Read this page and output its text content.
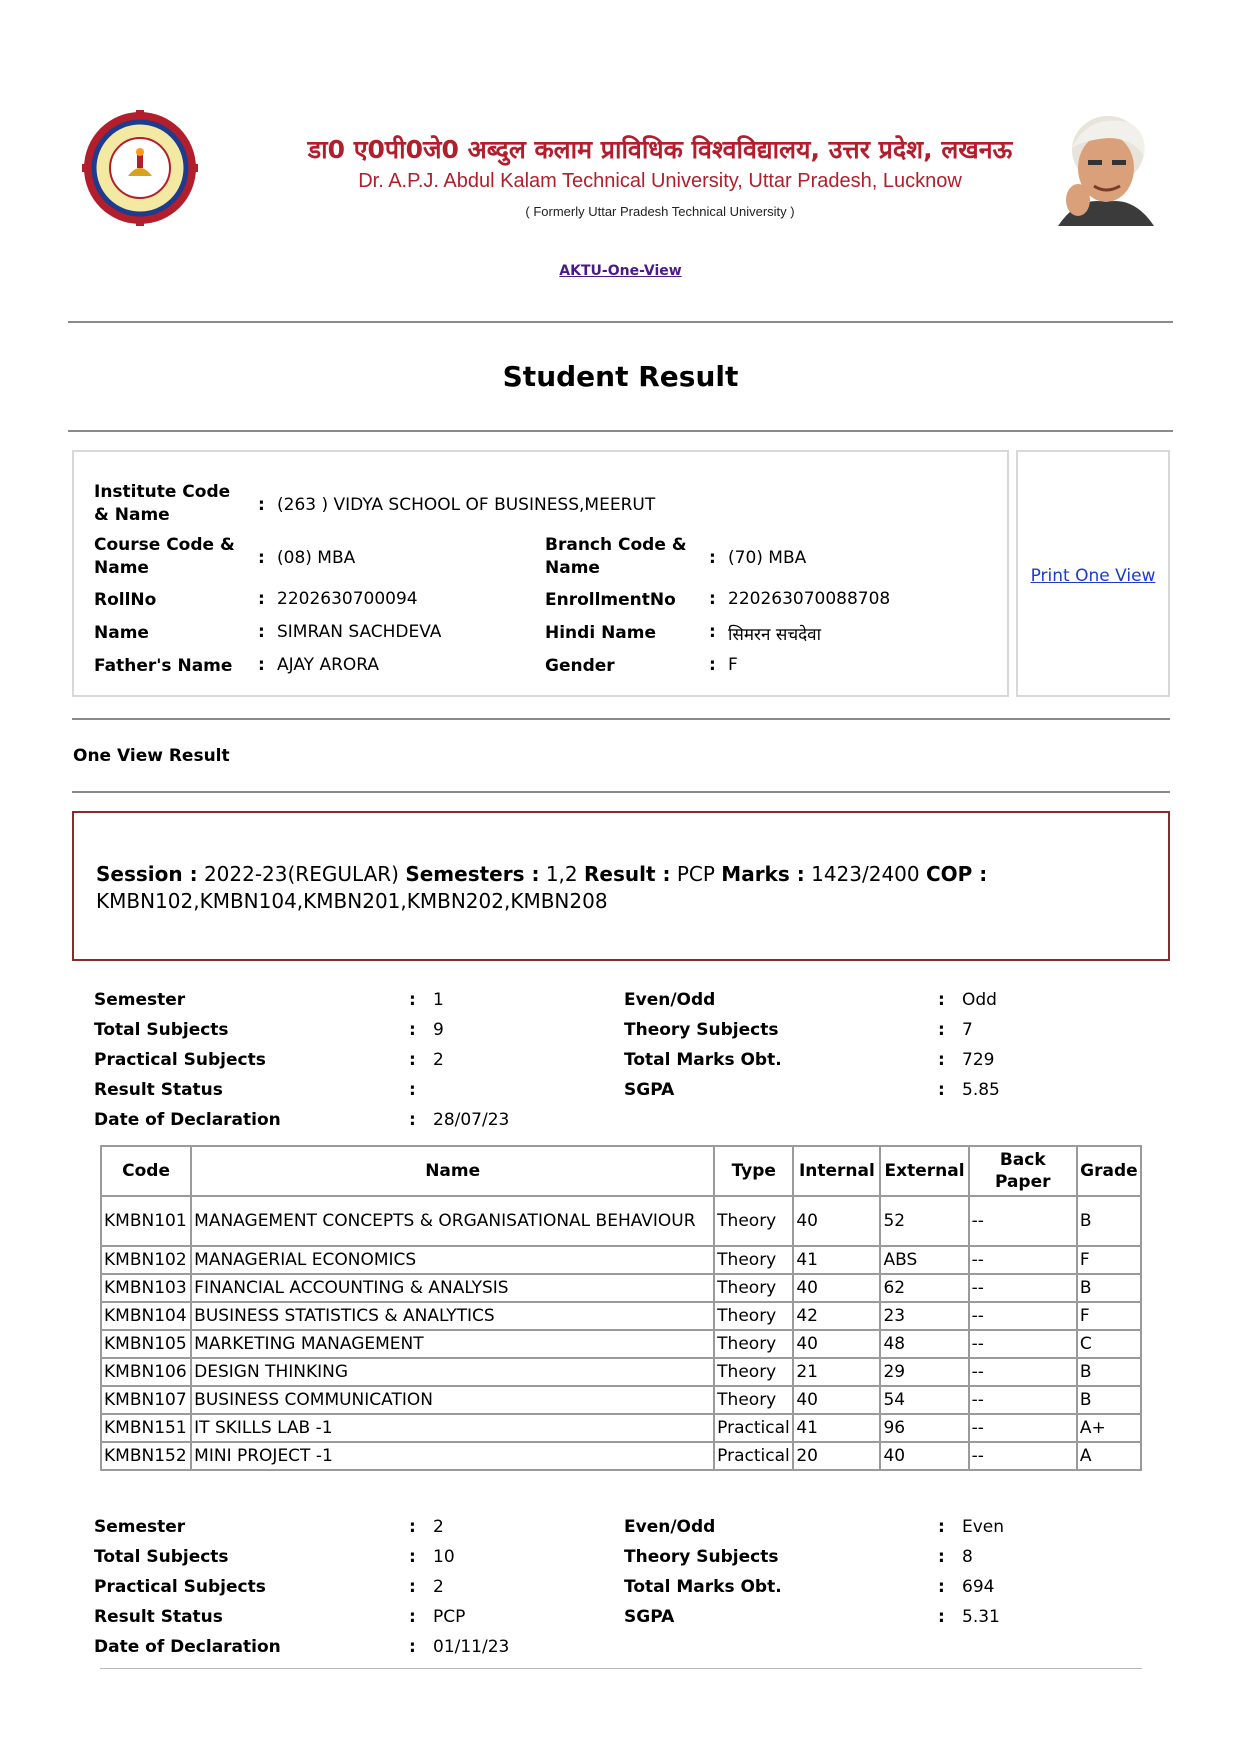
डा0 ए0पी0जे0 अब्दुल कलाम प्राविधिक विश्वविद्यालय, उत्तर प्रदेश, लखनऊ
Dr. A.P.J. Abdul Kalam Technical University, Uttar Pradesh, Lucknow
( Formerly Uttar Pradesh Technical University )
AKTU-One-View
Student Result
Institute Code & Name	: (263 ) VIDYA SCHOOL OF BUSINESS,MEERUT
Course Code & Name	: (08) MBA
Branch Code & Name	: (70) MBA
RollNo	: 2202630700094	EnrollmentNo : 220263070088708
Name	: SIMRAN SACHDEVA	Hindi Name	: सिमरन सचदेवा
Father's Name : AJAY ARORA	Gender	: F
Print One View
One View Result
Session : 2022-23(REGULAR) Semesters : 1,2 Result : PCP Marks : 1423/2400 COP : KMBN102,KMBN104,KMBN201,KMBN202,KMBN208
Semester	: 1	Even/Odd	: Odd
Total Subjects	: 9	Theory Subjects	: 7
Practical Subjects	: 2	Total Marks Obt.	: 729
Result Status	:	SGPA	: 5.85
Date of Declaration	: 28/07/23
Code	Name	Type	Internal	External	Back Paper	Grade
KMBN101	MANAGEMENT CONCEPTS & ORGANISATIONAL BEHAVIOUR	Theory	40	52	--	B
KMBN102	MANAGERIAL ECONOMICS	Theory	41	ABS	--	F
KMBN103	FINANCIAL ACCOUNTING & ANALYSIS	Theory	40	62	--	B
KMBN104	BUSINESS STATISTICS & ANALYTICS	Theory	42	23	--	F
KMBN105	MARKETING MANAGEMENT	Theory	40	48	--	C
KMBN106	DESIGN THINKING	Theory	21	29	--	B
KMBN107	BUSINESS COMMUNICATION	Theory	40	54	--	B
KMBN151	IT SKILLS LAB -1	Practical	41	96	--	A+
KMBN152	MINI PROJECT -1	Practical	20	40	--	A
Semester	: 2	Even/Odd	: Even
Total Subjects	: 10	Theory Subjects	: 8
Practical Subjects	: 2	Total Marks Obt.	: 694
Result Status	: PCP	SGPA	: 5.31
Date of Declaration	: 01/11/23
